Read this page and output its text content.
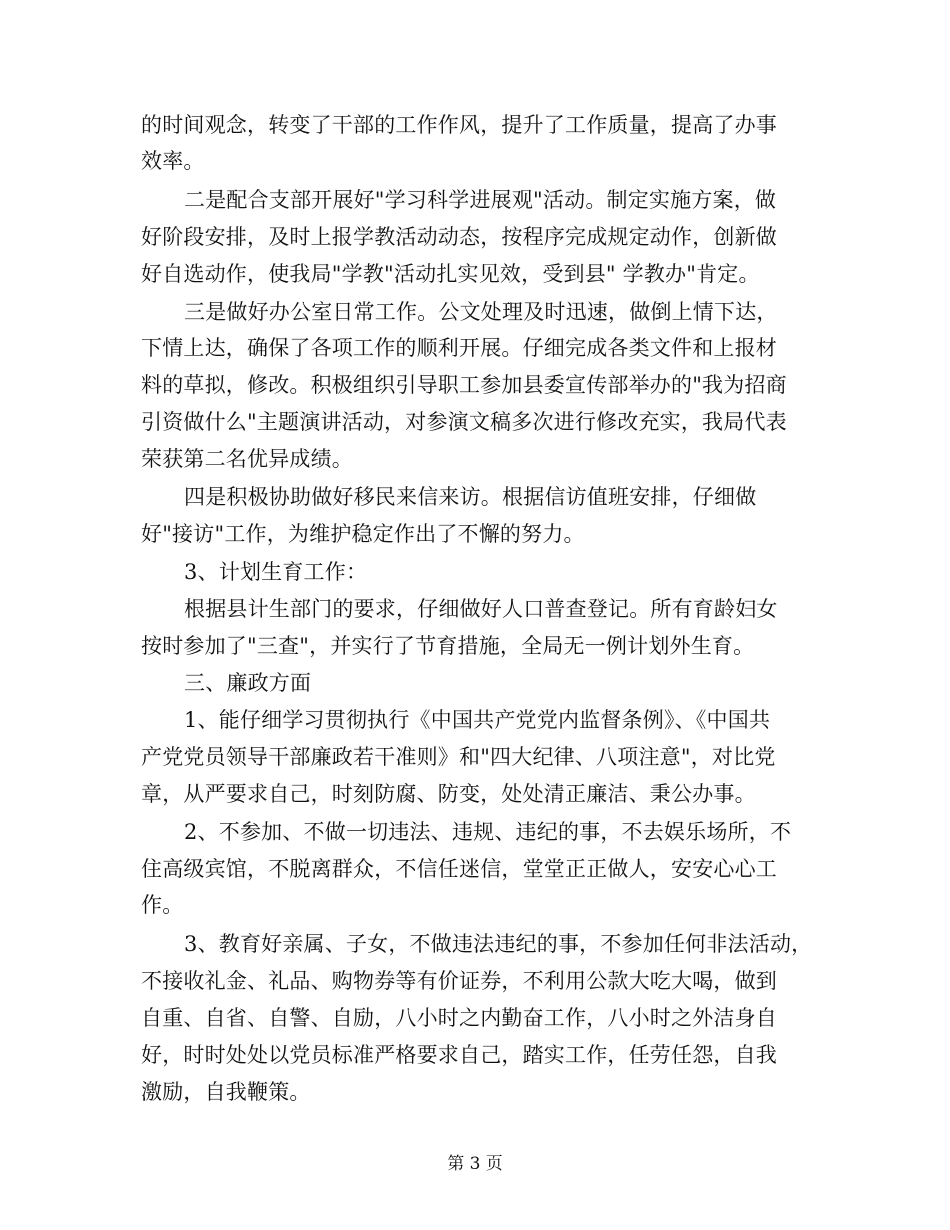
的时间观念，转变了干部的工作作风，提升了工作质量，提高了办事
效率。
二是配合支部开展好"学习科学进展观"活动。制定实施方案，做
好阶段安排，及时上报学教活动动态，按程序完成规定动作，创新做
好自选动作，使我局"学教"活动扎实见效，受到县" 学教办"肯定。
三是做好办公室日常工作。公文处理及时迅速，做倒上情下达，
下情上达，确保了各项工作的顺利开展。仔细完成各类文件和上报材
料的草拟，修改。积极组织引导职工参加县委宣传部举办的"我为招商
引资做什么"主题演讲活动，对参演文稿多次进行修改充实，我局代表
荣获第二名优异成绩。
四是积极协助做好移民来信来访。根据信访值班安排，仔细做
好"接访"工作，为维护稳定作出了不懈的努力。
3、计划生育工作：
根据县计生部门的要求，仔细做好人口普查登记。所有育龄妇女
按时参加了"三查"，并实行了节育措施，全局无一例计划外生育。
三、廉政方面
1、能仔细学习贯彻执行《中国共产党党内监督条例》、《中国共
产党党员领导干部廉政若干准则》和"四大纪律、八项注意"，对比党
章，从严要求自己，时刻防腐、防变，处处清正廉洁、秉公办事。
2、不参加、不做一切违法、违规、违纪的事，不去娱乐场所，不
住高级宾馆，不脱离群众，不信任迷信，堂堂正正做人，安安心心工
作。
3、教育好亲属、子女，不做违法违纪的事，不参加任何非法活动，
不接收礼金、礼品、购物券等有价证券，不利用公款大吃大喝，做到
自重、自省、自警、自励，八小时之内勤奋工作，八小时之外洁身自
好，时时处处以党员标准严格要求自己，踏实工作，任劳任怨，自我
激励，自我鞭策。
第 3 页
